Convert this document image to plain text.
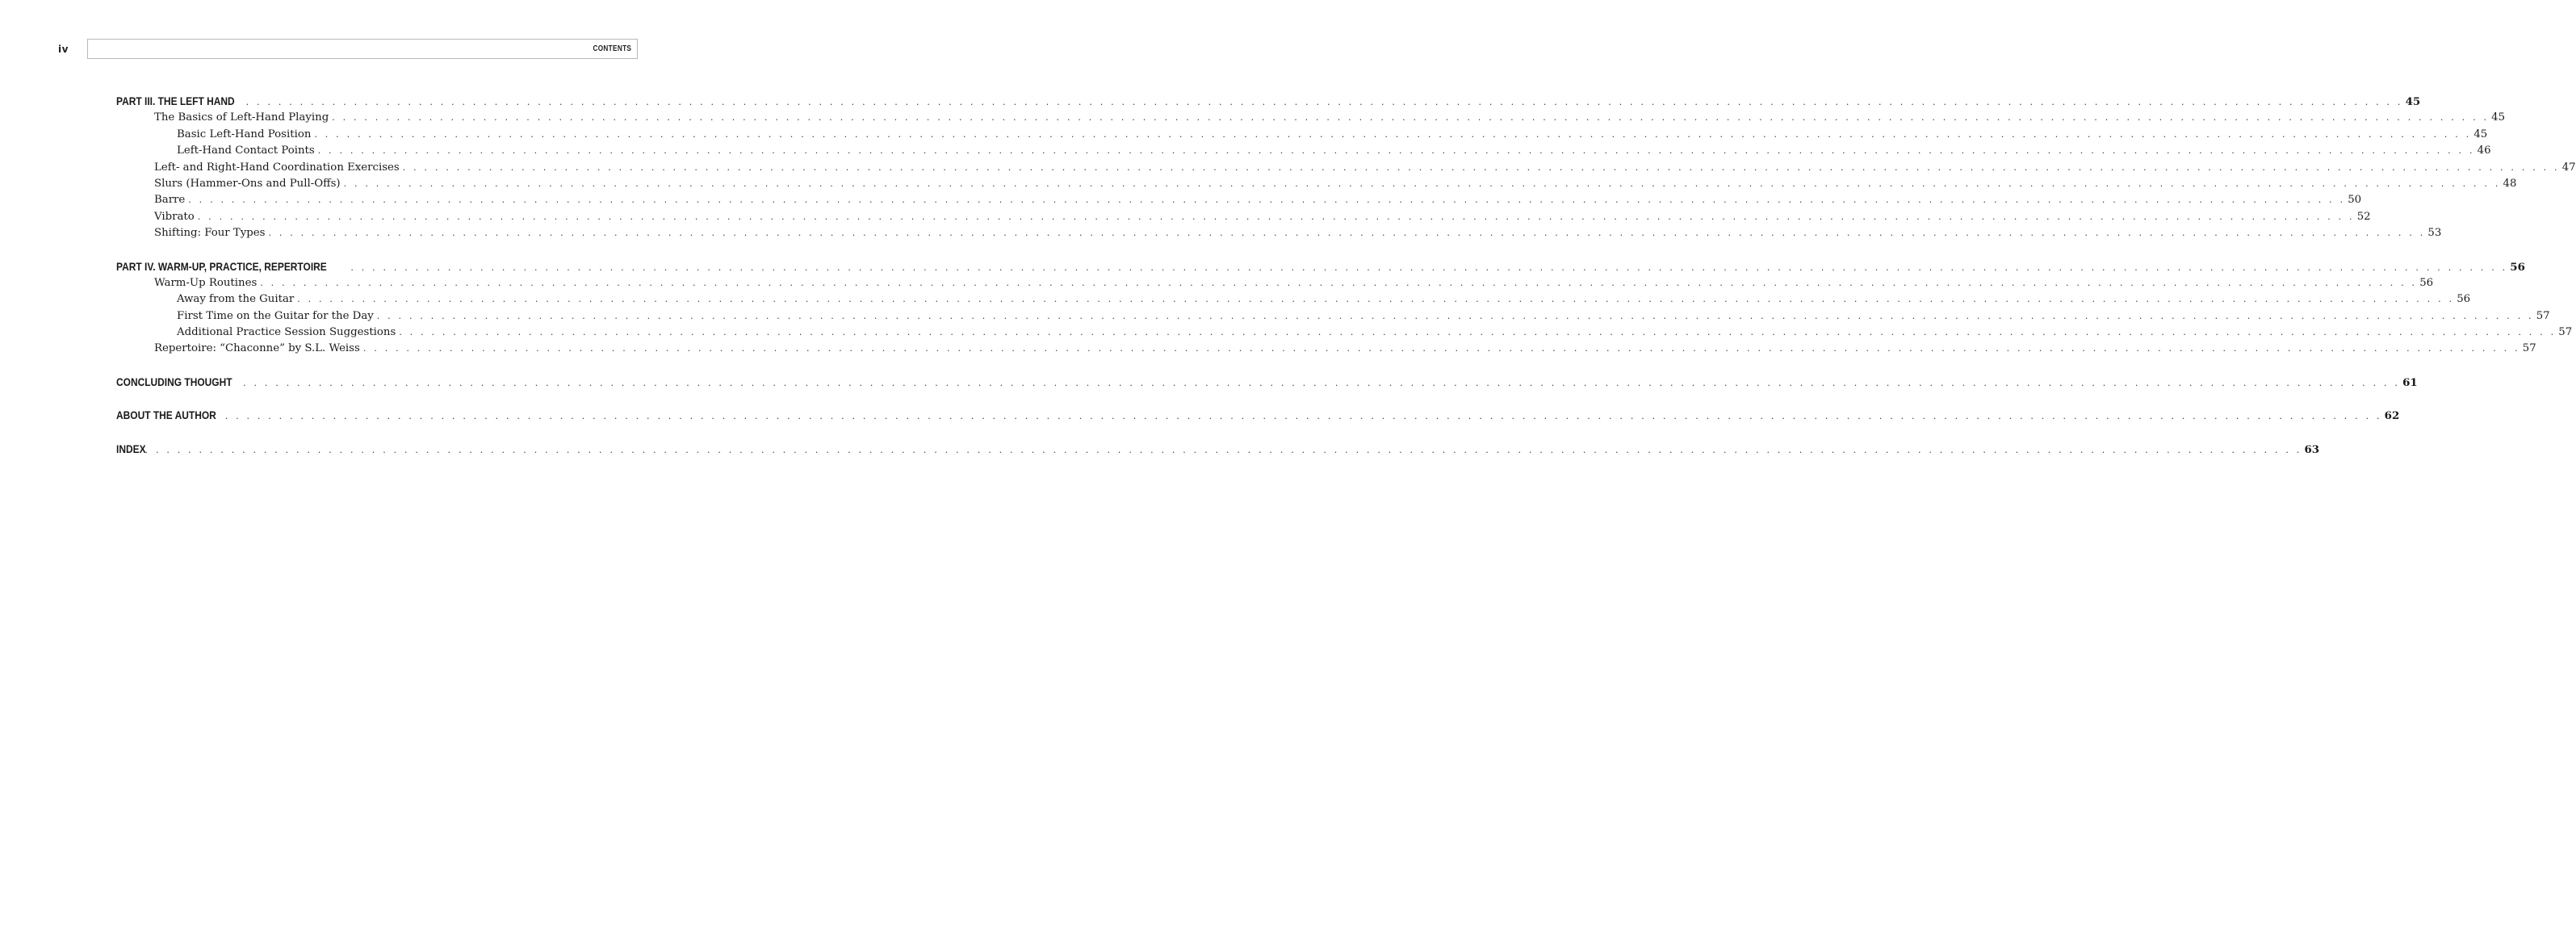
iv	CONTENTS
PART III. THE LEFT HAND . . . . . . . . . . . . . . . . . . . . . . . . . . . . . . . . . . . . . . . . . . . . . . . . . . . . . . . . . . . . . . . . . . . . . . . . . . . . . . . . . . . . . . . . . . . . . . . . . . . . . . . . . . . . . . . . . . . . . . . . . . . . . . . . . . . . . . . . . . . . . . . . . . . . . . . . . . . . . . . . . . . . . . . . . . . . . . . . . . . . . . . . . . . . . . . . . . . . . . . . 45
The Basics of Left-Hand Playing . . . . . . . . . . . . . . . . . . . . . . . . . . . . . . . . . . . . . . . . . . . . . . . . . . . . . . . . . . . . . . . . . . . . . . . . . . . . . . . . . . . . . . . . . . . . . . . . . . . . . . . . . . . . . . . . . . . . . . . . . . . . . . . . . . . . . . . . . . . . . . . . . . . . . . . . . . . . . . . . . . . . . . . . . . . . . . . . . . . . . . . . . . . . . . . . . . . . . . . . 45
Basic Left-Hand Position . . . . . . . . . . . . . . . . . . . . . . . . . . . . . . . . . . . . . . . . . . . . . . . . . . . . . . . . . . . . . . . . . . . . . . . . . . . . . . . . . . . . . . . . . . . . . . . . . . . . . . . . . . . . . . . . . . . . . . . . . . . . . . . . . . . . . . . . . . . . . . . . . . . . . . . . . . . . . . . . . . . . . . . . . . . . . . . . . . . . . . . . . . . . . . . . . . . . . . . . 45
Left-Hand Contact Points . . . . . . . . . . . . . . . . . . . . . . . . . . . . . . . . . . . . . . . . . . . . . . . . . . . . . . . . . . . . . . . . . . . . . . . . . . . . . . . . . . . . . . . . . . . . . . . . . . . . . . . . . . . . . . . . . . . . . . . . . . . . . . . . . . . . . . . . . . . . . . . . . . . . . . . . . . . . . . . . . . . . . . . . . . . . . . . . . . . . . . . . . . . . . . . . . . . . . . . . 46
Left- and Right-Hand Coordination Exercises . . . . . . . . . . . . . . . . . . . . . . . . . . . . . . . . . . . . . . . . . . . . . . . . . . . . . . . . . . . . . . . . . . . . . . . . . . . . . . . . . . . . . . . . . . . . . . . . . . . . . . . . . . . . . . . . . . . . . . . . . . . . . . . . . . . . . . . . . . . . . . . . . . . . . . . . . . . . . . . . . . . . . . . . . . . . . . . . . . . . . . . . . . . . . . . . . . . . . . . . 47
Slurs (Hammer-Ons and Pull-Offs) . . . . . . . . . . . . . . . . . . . . . . . . . . . . . . . . . . . . . . . . . . . . . . . . . . . . . . . . . . . . . . . . . . . . . . . . . . . . . . . . . . . . . . . . . . . . . . . . . . . . . . . . . . . . . . . . . . . . . . . . . . . . . . . . . . . . . . . . . . . . . . . . . . . . . . . . . . . . . . . . . . . . . . . . . . . . . . . . . . . . . . . . . . . . . . . . . . . . . . . . 48
Barre . . . . . . . . . . . . . . . . . . . . . . . . . . . . . . . . . . . . . . . . . . . . . . . . . . . . . . . . . . . . . . . . . . . . . . . . . . . . . . . . . . . . . . . . . . . . . . . . . . . . . . . . . . . . . . . . . . . . . . . . . . . . . . . . . . . . . . . . . . . . . . . . . . . . . . . . . . . . . . . . . . . . . . . . . . . . . . . . . . . . . . . . . . . . . . . . . . . . . . . . 50
Vibrato . . . . . . . . . . . . . . . . . . . . . . . . . . . . . . . . . . . . . . . . . . . . . . . . . . . . . . . . . . . . . . . . . . . . . . . . . . . . . . . . . . . . . . . . . . . . . . . . . . . . . . . . . . . . . . . . . . . . . . . . . . . . . . . . . . . . . . . . . . . . . . . . . . . . . . . . . . . . . . . . . . . . . . . . . . . . . . . . . . . . . . . . . . . . . . . . . . . . . . . . 52
Shifting: Four Types . . . . . . . . . . . . . . . . . . . . . . . . . . . . . . . . . . . . . . . . . . . . . . . . . . . . . . . . . . . . . . . . . . . . . . . . . . . . . . . . . . . . . . . . . . . . . . . . . . . . . . . . . . . . . . . . . . . . . . . . . . . . . . . . . . . . . . . . . . . . . . . . . . . . . . . . . . . . . . . . . . . . . . . . . . . . . . . . . . . . . . . . . . . . . . . . . . . . . . . . 53
PART IV. WARM-UP, PRACTICE, REPERTOIRE	. . . . . . . . . . . . . . . . . . . . . . . . . . . . . . . . . . . . . . . . . . . . . . . . . . . . . . . . . . . . . . . . . . . . . . . . . . . . . . . . . . . . . . . . . . . . . . . . . . . . . . . . . . . . . . . . . . . . . . . . . . . . . . . . . . . . . . . . . . . . . . . . . . . . . . . . . . . . . . . . . . . . . . . . . . . . . . . . . . . . . . . . . . . . . . . . . . . . . . . . 56
Warm-Up Routines . . . . . . . . . . . . . . . . . . . . . . . . . . . . . . . . . . . . . . . . . . . . . . . . . . . . . . . . . . . . . . . . . . . . . . . . . . . . . . . . . . . . . . . . . . . . . . . . . . . . . . . . . . . . . . . . . . . . . . . . . . . . . . . . . . . . . . . . . . . . . . . . . . . . . . . . . . . . . . . . . . . . . . . . . . . . . . . . . . . . . . . . . . . . . . . . . . . . . . . . 56
Away from the Guitar . . . . . . . . . . . . . . . . . . . . . . . . . . . . . . . . . . . . . . . . . . . . . . . . . . . . . . . . . . . . . . . . . . . . . . . . . . . . . . . . . . . . . . . . . . . . . . . . . . . . . . . . . . . . . . . . . . . . . . . . . . . . . . . . . . . . . . . . . . . . . . . . . . . . . . . . . . . . . . . . . . . . . . . . . . . . . . . . . . . . . . . . . . . . . . . . . . . . . . . . 56
First Time on the Guitar for the Day . . . . . . . . . . . . . . . . . . . . . . . . . . . . . . . . . . . . . . . . . . . . . . . . . . . . . . . . . . . . . . . . . . . . . . . . . . . . . . . . . . . . . . . . . . . . . . . . . . . . . . . . . . . . . . . . . . . . . . . . . . . . . . . . . . . . . . . . . . . . . . . . . . . . . . . . . . . . . . . . . . . . . . . . . . . . . . . . . . . . . . . . . . . . . . . . . . . . . . . . 57
Additional Practice Session Suggestions . . . . . . . . . . . . . . . . . . . . . . . . . . . . . . . . . . . . . . . . . . . . . . . . . . . . . . . . . . . . . . . . . . . . . . . . . . . . . . . . . . . . . . . . . . . . . . . . . . . . . . . . . . . . . . . . . . . . . . . . . . . . . . . . . . . . . . . . . . . . . . . . . . . . . . . . . . . . . . . . . . . . . . . . . . . . . . . . . . . . . . . . . . . . . . . . . . . . . . . . 57
Repertoire: “Chaconne” by S.L. Weiss . . . . . . . . . . . . . . . . . . . . . . . . . . . . . . . . . . . . . . . . . . . . . . . . . . . . . . . . . . . . . . . . . . . . . . . . . . . . . . . . . . . . . . . . . . . . . . . . . . . . . . . . . . . . . . . . . . . . . . . . . . . . . . . . . . . . . . . . . . . . . . . . . . . . . . . . . . . . . . . . . . . . . . . . . . . . . . . . . . . . . . . . . . . . . . . . . . . . . . . . 57
CONCLUDING THOUGHT . . . . . . . . . . . . . . . . . . . . . . . . . . . . . . . . . . . . . . . . . . . . . . . . . . . . . . . . . . . . . . . . . . . . . . . . . . . . . . . . . . . . . . . . . . . . . . . . . . . . . . . . . . . . . . . . . . . . . . . . . . . . . . . . . . . . . . . . . . . . . . . . . . . . . . . . . . . . . . . . . . . . . . . . . . . . . . . . . . . . . . . . . . . . . . . . . . . . . . . . 61
ABOUT THE AUTHOR . . . . . . . . . . . . . . . . . . . . . . . . . . . . . . . . . . . . . . . . . . . . . . . . . . . . . . . . . . . . . . . . . . . . . . . . . . . . . . . . . . . . . . . . . . . . . . . . . . . . . . . . . . . . . . . . . . . . . . . . . . . . . . . . . . . . . . . . . . . . . . . . . . . . . . . . . . . . . . . . . . . . . . . . . . . . . . . . . . . . . . . . . . . . . . . . . . . . . . . . 62
INDEX
. . . . . . . . . . . . . . . . . . . . . . . . . . . . . . . . . . . . . . . . . . . . . . . . . . . . . . . . . . . . . . . . . . . . . . . . . . . . . . . . . . . . . . . . . . . . . . . . . . . . . . . . . . . . . . . . . . . . . . . . . . . . . . . . . . . . . . . . . . . . . . . . . . . . . . . . . . . . . . . . . . . . . . . . . . . . . . . . . . . . . . . . . . . . . . . . . . . . . . . . 63
